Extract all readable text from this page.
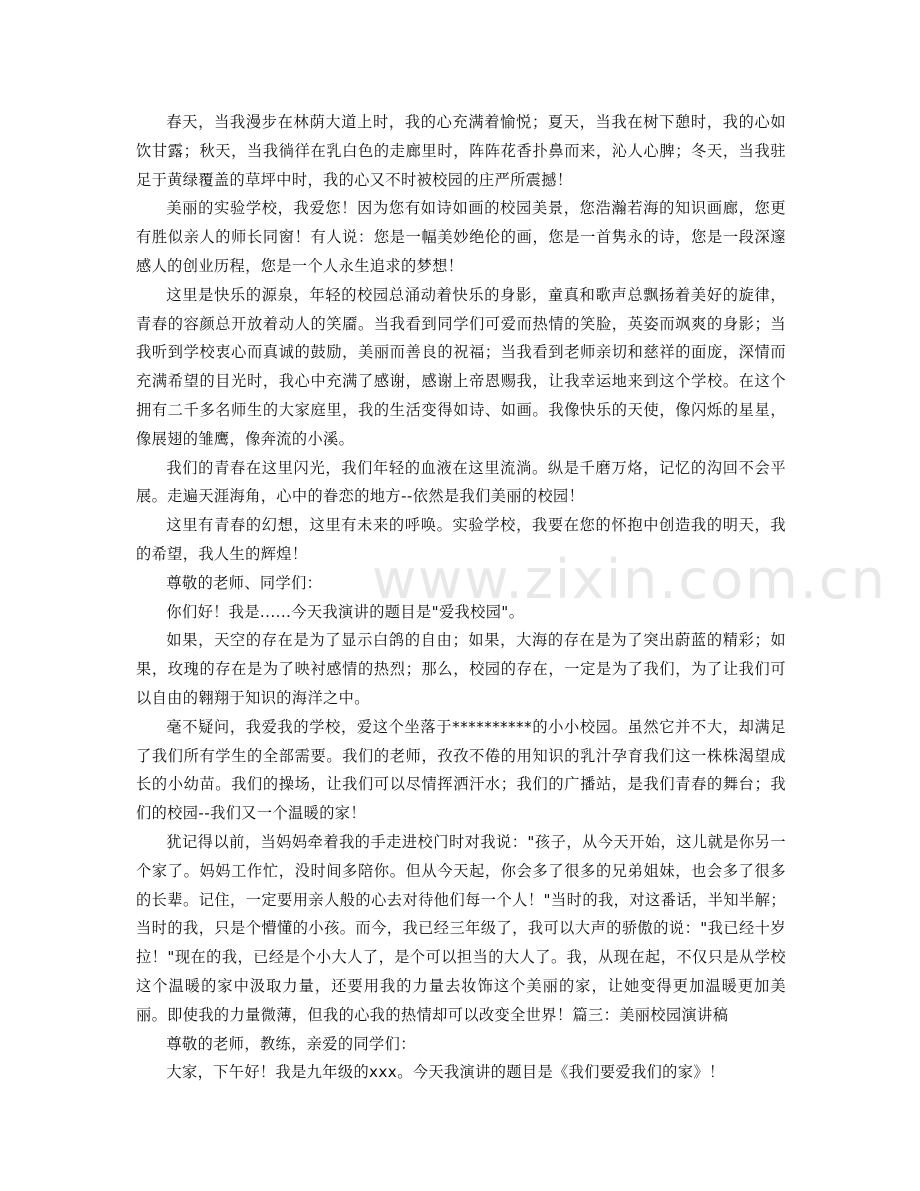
www.zixin.com.cn

春天，当我漫步在林荫大道上时，我的心充满着愉悦；夏天，当我在树下憩时，我的心如饮甘露；秋天，当我徜徉在乳白色的走廊里时，阵阵花香扑鼻而来，沁人心脾；冬天，当我驻足于黄绿覆盖的草坪中时，我的心又不时被校园的庄严所震撼！

美丽的实验学校，我爱您！因为您有如诗如画的校园美景，您浩瀚若海的知识画廊，您更有胜似亲人的师长同窗！有人说：您是一幅美妙绝伦的画，您是一首隽永的诗，您是一段深邃感人的创业历程，您是一个人永生追求的梦想！

这里是快乐的源泉，年轻的校园总涌动着快乐的身影，童真和歌声总飘扬着美好的旋律，青春的容颜总开放着动人的笑靥。当我看到同学们可爱而热情的笑脸，英姿而飒爽的身影；当我听到学校衷心而真诚的鼓励，美丽而善良的祝福；当我看到老师亲切和慈祥的面庞，深情而充满希望的目光时，我心中充满了感谢，感谢上帝恩赐我，让我幸运地来到这个学校。在这个拥有二千多名师生的大家庭里，我的生活变得如诗、如画。我像快乐的天使，像闪烁的星星，像展翅的雏鹰，像奔流的小溪。

我们的青春在这里闪光，我们年轻的血液在这里流淌。纵是千磨万烙，记忆的沟回不会平展。走遍天涯海角，心中的眷恋的地方--依然是我们美丽的校园！

这里有青春的幻想，这里有未来的呼唤。实验学校，我要在您的怀抱中创造我的明天，我的希望，我人生的辉煌！

尊敬的老师、同学们：

你们好！我是......今天我演讲的题目是"爱我校园"。

如果，天空的存在是为了显示白鸽的自由；如果，大海的存在是为了突出蔚蓝的精彩；如果，玫瑰的存在是为了映衬感情的热烈；那么，校园的存在，一定是为了我们，为了让我们可以自由的翱翔于知识的海洋之中。

毫不疑问，我爱我的学校，爱这个坐落于**********的小小校园。虽然它并不大，却满足了我们所有学生的全部需要。我们的老师，孜孜不倦的用知识的乳汁孕育我们这一株株渴望成长的小幼苗。我们的操场，让我们可以尽情挥洒汗水；我们的广播站，是我们青春的舞台；我们的校园--我们又一个温暖的家！

犹记得以前，当妈妈牵着我的手走进校门时对我说："孩子，从今天开始，这儿就是你另一个家了。妈妈工作忙，没时间多陪你。但从今天起，你会多了很多的兄弟姐妹，也会多了很多的长辈。记住，一定要用亲人般的心去对待他们每一个人！"当时的我，对这番话，半知半解；当时的我，只是个懵懂的小孩。而今，我已经三年级了，我可以大声的骄傲的说："我已经十岁拉！"现在的我，已经是个小大人了，是个可以担当的大人了。我，从现在起，不仅只是从学校这个温暖的家中汲取力量，还要用我的力量去妆饰这个美丽的家，让她变得更加温暖更加美丽。即使我的力量微薄，但我的心我的热情却可以改变全世界！篇三：美丽校园演讲稿

尊敬的老师，教练，亲爱的同学们：

大家，下午好！我是九年级的xxx。今天我演讲的题目是《我们要爱我们的家》！
